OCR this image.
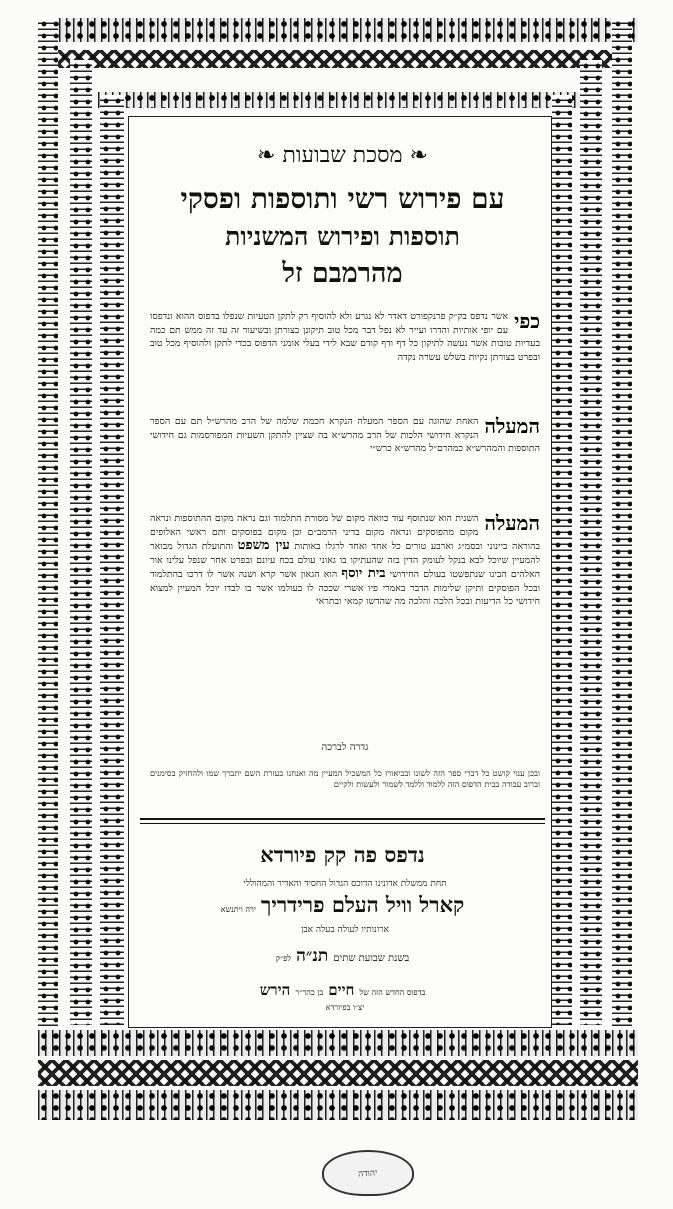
❧ מסכת שבועות ❧
עם פירוש רשי ותוספות ופסקי
תוספות ופירוש המשניות
מהרמבם זל
כפי
אשר נדפס בק״ק פרנקפורט דאדר לא נגרע ולא להוסיף רק לתקן הטעיות שנפלו בדפוס ההוא ונדפסו עם יופי אותיות והדרו ועייר לא נפל דבר מכל טוב תיקונן בצורתן ובשיעור זה עד זה ממש תם כמה בעדיות טובות אשר נעשה לתיקון כל דף ודף קודם שבא לידי בעלי אומני הדפוס בכדי לתקן ולהוסיף מכל טוב ובפרט בצורתן נקיות בשלש עשרה נקדה
המעלה
האחת שהוגה עם הספר המעלה הנקרא חכמת שלמה של הרב מהרש״ל תם עם הספר הנקרא חידושי הלכות של הרב מהרש״א בה שציין להתקן השעיות המפורסמות גם חידושי התוספות והמהרש״א כמהרם״ל מהרש״א כרש״י
המעלה
השנית הוא שנתוסף עוד כוואה מקום של מסורת התלמוד וגם נראה מקום ההתוספות ונראה מקום מהפוסקים ונראה מקום בדיני הרמב״ם וכן מקום בפוסקים ותם ראשי האלופים בהוראה ביינוני ובסמ״ג וארבע טורים כל אחד ואחד לרגלו באותות עין משפט והתועלת הגדול מבואר להמעיין שיוכל לבא בנקל לעומק הדין בזה שהעתיקו בו גאוני עולם בכח עיונם ובפרט אחר שנפל עלינו אור האלהים הבינו שנתפשטו בעולם החידושי בית יוסף הוא הגאון אשר קרא ושנה אשר לו דרכו בהתלמוד ובכל הפוסקים ותיקן שלימות הדבר באמרי פיו אשרי שככה לו בעולמו אשר בו לבדו יוכל המעיין למצוא חידושי כל הדיעות ובכל הלכה והלכה מה שהדשו קמאי ובתראי
גדרה לברכה
ובכן ענוי קושט כל דברי ספר הזה לשונו ובביאורו כל המשכיל המעיין מה ואנחנו בעזרת השם יתברך שמו ולהחזיק בסימנים וברוב עבודה בבית הדפוס הזה ללמוד וללמד לשמור ולעשות ולקיים
נדפס פה קק פיורדא
תחת ממשלת אדונינו הדוכס הגדול החסיד והאדיר והמהוללי
קארל וויל העלם פרידריך ירה ויתנשא
ארונותיו לעולה בעלה אבן
בשנת שבועת שתים תנ״ה לפ״ק
בדפוס החדש הזה של חיים בן כהר״ר הירש
יצ״ו בפיורדא
יהודה
